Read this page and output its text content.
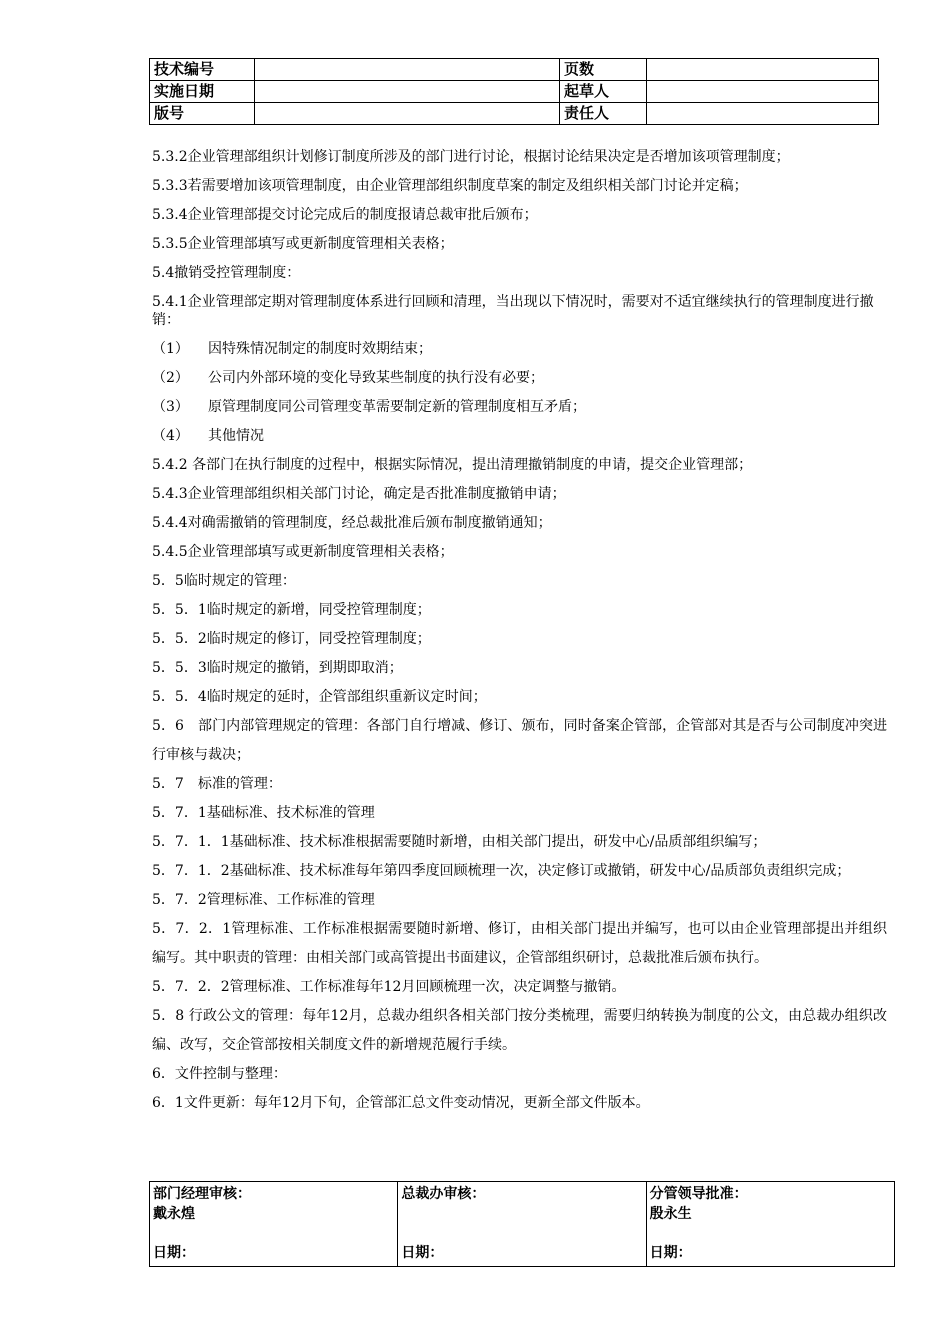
技术编号		页数	
实施日期		起草人	
版号		责任人	
5.3.2企业管理部组织计划修订制度所涉及的部门进行讨论，根据讨论结果决定是否增加该项管理制度；
5.3.3若需要增加该项管理制度，由企业管理部组织制度草案的制定及组织相关部门讨论并定稿；
5.3.4企业管理部提交讨论完成后的制度报请总裁审批后颁布；
5.3.5企业管理部填写或更新制度管理相关表格；
5.4撤销受控管理制度：
5.4.1企业管理部定期对管理制度体系进行回顾和清理，当出现以下情况时，需要对不适宜继续执行的管理制度进行撤销：
（1） 因特殊情况制定的制度时效期结束；
（2） 公司内外部环境的变化导致某些制度的执行没有必要；
（3） 原管理制度同公司管理变革需要制定新的管理制度相互矛盾；
（4） 其他情况
5.4.2 各部门在执行制度的过程中，根据实际情况，提出清理撤销制度的申请，提交企业管理部；
5.4.3企业管理部组织相关部门讨论，确定是否批准制度撤销申请；
5.4.4对确需撤销的管理制度，经总裁批准后颁布制度撤销通知；
5.4.5企业管理部填写或更新制度管理相关表格；
5．5临时规定的管理：
5．5．1临时规定的新增，同受控管理制度；
5．5．2临时规定的修订，同受控管理制度；
5．5．3临时规定的撤销，到期即取消；
5．5．4临时规定的延时，企管部组织重新议定时间；
5．6　部门内部管理规定的管理：各部门自行增减、修订、颁布，同时备案企管部，企管部对其是否与公司制度冲突进行审核与裁决；
5．7　标准的管理：
5．7．1基础标准、技术标准的管理
5．7．1．1基础标准、技术标准根据需要随时新增，由相关部门提出，研发中心/品质部组织编写；
5．7．1．2基础标准、技术标准每年第四季度回顾梳理一次，决定修订或撤销，研发中心/品质部负责组织完成；
5．7．2管理标准、工作标准的管理
5．7．2．1管理标准、工作标准根据需要随时新增、修订，由相关部门提出并编写，也可以由企业管理部提出并组织编写。其中职责的管理：由相关部门或高管提出书面建议，企管部组织研讨，总裁批准后颁布执行。
5．7．2．2管理标准、工作标准每年12月回顾梳理一次，决定调整与撤销。
5．8 行政公文的管理：每年12月，总裁办组织各相关部门按分类梳理，需要归纳转换为制度的公文，由总裁办组织改编、改写，交企管部按相关制度文件的新增规范履行手续。
6．文件控制与整理：
6．1文件更新：每年12月下旬，企管部汇总文件变动情况，更新全部文件版本。
部门经理审核：
戴永煌
日期：

总裁办审核：
日期：

分管领导批准：
殷永生
日期：
